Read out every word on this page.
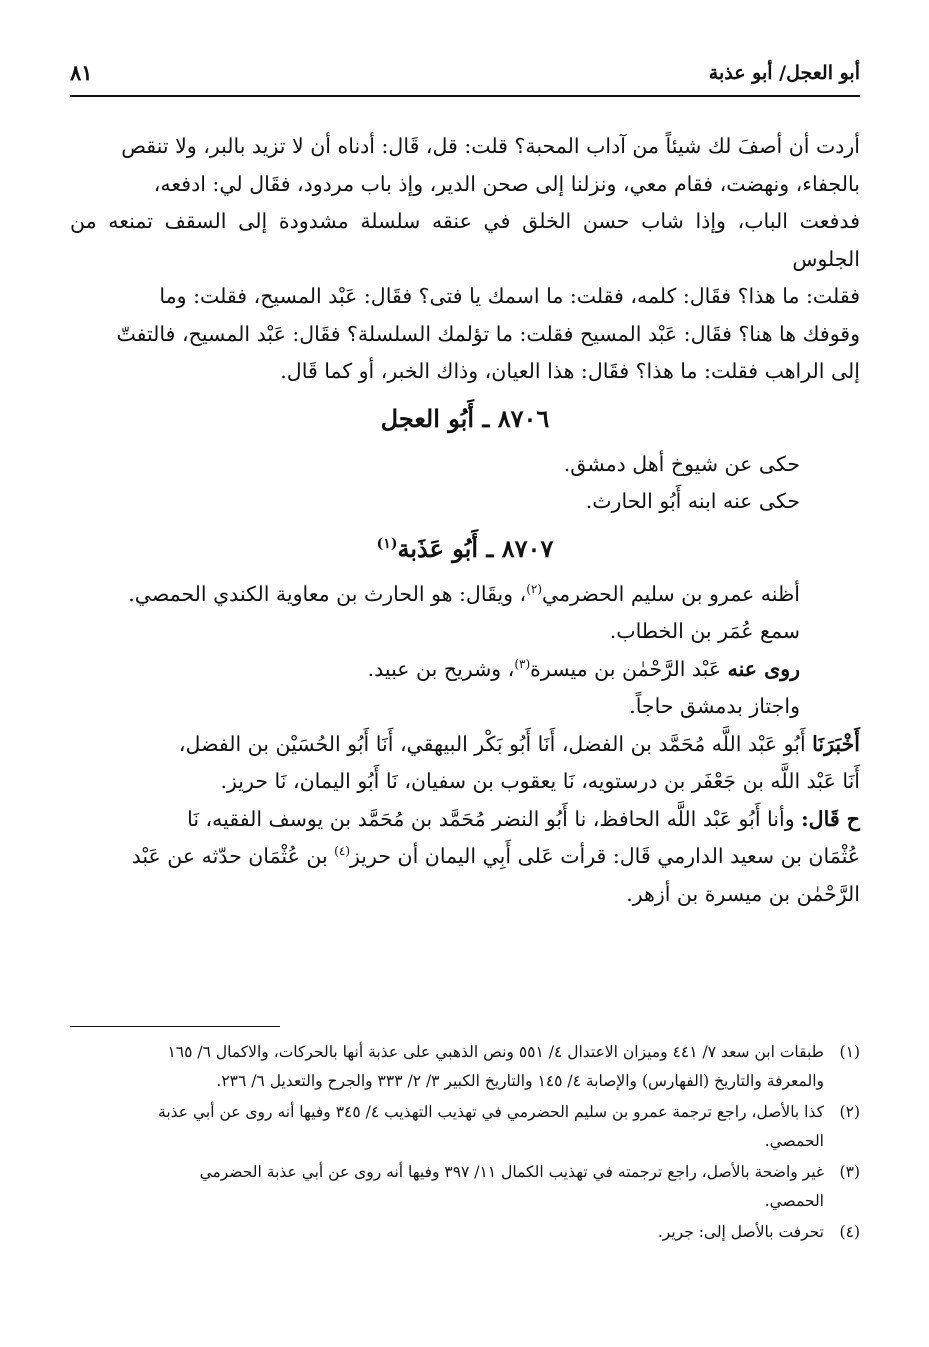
أبو العجل/ أبو عذبة
٨١

أردت أن أصفَ لك شيئاً من آداب المحبة؟ قلت: قل، قَال: أدناه أن لا تزيد بالبر، ولا تنقص

بالجفاء، ونهضت، فقام معي، ونزلنا إلى صحن الدير، وإذ باب مردود، فقَال لي: ادفعه،

فدفعت الباب، وإذا شاب حسن الخلق في عنقه سلسلة مشدودة إلى السقف تمنعه من الجلوس

فقلت: ما هذا؟ فقَال: كلمه، فقلت: ما اسمك يا فتى؟ فقَال: عَبْد المسيح، فقلت: وما

وقوفك ها هنا؟ فقَال: عَبْد المسيح فقلت: ما تؤلمك السلسلة؟ فقَال: عَبْد المسيح، فالتفتّ

إلى الراهب فقلت: ما هذا؟ فقَال: هذا العيان، وذاك الخبر، أو كما قَال.

٨٧٠٦ ـ أَبُو العجل

حكى عن شيوخ أهل دمشق.

حكى عنه ابنه أَبُو الحارث.

٨٧٠٧ ـ أَبُو عَذَبة$^{(١)}$

أظنه عمرو بن سليم الحضرمي$^{(٢)}$، ويقَال: هو الحارث بن معاوية الكندي الحمصي.

سمع عُمَر بن الخطاب.

روى عنه عَبْد الرَّحْمٰن بن ميسرة$^{(٣)}$، وشريح بن عبيد.

واجتاز بدمشق حاجاً.

أَخْبَرَنَا أَبُو عَبْد اللَّه مُحَمَّد بن الفضل، أَنَا أَبُو بَكْر البيهقي، أَنَا أَبُو الحُسَيْن بن الفضل،

أَنَا عَبْد اللَّه بن جَعْفَر بن درستويه، نَا يعقوب بن سفيان، نَا أَبُو اليمان، نَا حريز.

ح قَال: وأنا أَبُو عَبْد اللَّه الحافظ، نا أَبُو النضر مُحَمَّد بن مُحَمَّد بن يوسف الفقيه، نَا

عُثْمَان بن سعيد الدارمي قَال: قرأت عَلى أَبِي اليمان أن حريز$^{(٤)}$ بن عُثْمَان حدّثه عن عَبْد

الرَّحْمٰن بن ميسرة بن أزهر.

(١)
طبقات ابن سعد ٧/ ٤٤١ وميزان الاعتدال ٤/ ٥٥١ ونص الذهبي على عذبة أنها بالحركات، والاكمال ٦/ ١٦٥
والمعرفة والتاريخ (الفهارس) والإصابة ٤/ ١٤٥ والتاريخ الكبير ٣/ ٢/ ٣٣٣ والجرح والتعديل ٦/ ٢٣٦.
(٢)
كذا بالأصل، راجع ترجمة عمرو بن سليم الحضرمي في تهذيب التهذيب ٤/ ٣٤٥ وفيها أنه روى عن أبي عذبة
الحمصي.
(٣)
غير واضحة بالأصل، راجع ترجمته في تهذيب الكمال ١١/ ٣٩٧ وفيها أنه روى عن أبي عذبة الحضرمي
الحمصي.
(٤)
تحرفت بالأصل إلى: جرير.
